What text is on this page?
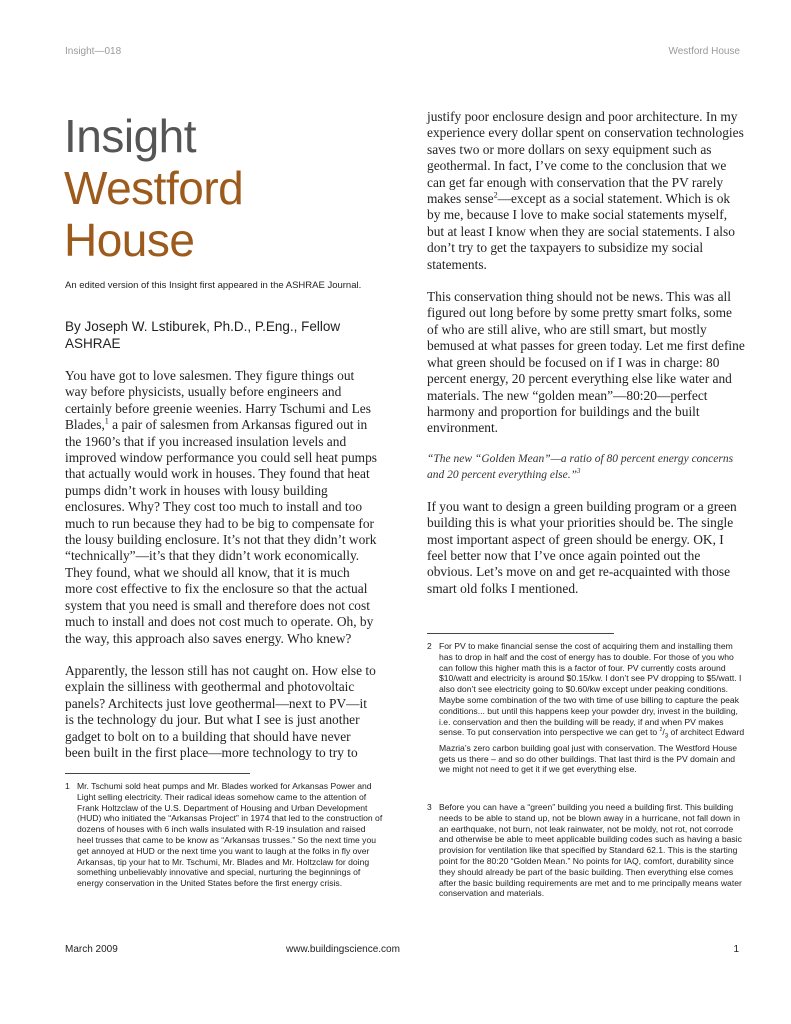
Insight—018	Westford House
Insight
Westford
House
An edited version of this Insight first appeared in the ASHRAE Journal.
By Joseph W. Lstiburek, Ph.D., P.Eng., Fellow ASHRAE

You have got to love salesmen. They figure things out way before physicists, usually before engineers and certainly before greenie weenies. Harry Tschumi and Les Blades,$^1$ a pair of salesmen from Arkansas figured out in the 1960’s that if you increased insulation levels and improved window performance you could sell heat pumps that actually would work in houses. They found that heat pumps didn’t work in houses with lousy building enclosures. Why? They cost too much to install and too much to run because they had to be big to compensate for the lousy building enclosure. It’s not that they didn’t work “technically”—it’s that they didn’t work economically. They found, what we should all know, that it is much more cost effective to fix the enclosure so that the actual system that you need is small and therefore does not cost much to install and does not cost much to operate. Oh, by the way, this approach also saves energy. Who knew?

Apparently, the lesson still has not caught on. How else to explain the silliness with geothermal and photovoltaic panels? Architects just love geothermal—next to PV—it is the technology du jour. But what I see is just another gadget to bolt on to a building that should have never been built in the first place—more technology to try to

1 Mr. Tschumi sold heat pumps and Mr. Blades worked for Arkansas Power and Light selling electricity. Their radical ideas somehow came to the attention of Frank Holtzclaw of the U.S. Department of Housing and Urban Development (HUD) who initiated the “Arkansas Project” in 1974 that led to the construction of dozens of houses with 6 inch walls insulated with R-19 insulation and raised heel trusses that came to be know as “Arkansas trusses.” So the next time you get annoyed at HUD or the next time you want to laugh at the folks in fly over Arkansas, tip your hat to Mr. Tschumi, Mr. Blades and Mr. Holtzclaw for doing something unbelievably innovative and special, nurturing the beginnings of energy conservation in the United States before the first energy crisis.

justify poor enclosure design and poor architecture. In my experience every dollar spent on conservation technologies saves two or more dollars on sexy equipment such as geothermal. In fact, I’ve come to the conclusion that we can get far enough with conservation that the PV rarely makes sense$^2$—except as a social statement. Which is ok by me, because I love to make social statements myself, but at least I know when they are social statements. I also don’t try to get the taxpayers to subsidize my social statements.

This conservation thing should not be news. This was all figured out long before by some pretty smart folks, some of who are still alive, who are still smart, but mostly bemused at what passes for green today. Let me first define what green should be focused on if I was in charge: 80 percent energy, 20 percent everything else like water and materials. The new “golden mean”—80:20—perfect harmony and proportion for buildings and the built environment.

“The new “Golden Mean”—a ratio of 80 percent energy concerns and 20 percent everything else.”$^3$

If you want to design a green building program or a green building this is what your priorities should be. The single most important aspect of green should be energy. OK, I feel better now that I’ve once again pointed out the obvious. Let’s move on and get re-acquainted with those smart old folks I mentioned.

2 For PV to make financial sense the cost of acquiring them and installing them has to drop in half and the cost of energy has to double. For those of you who can follow this higher math this is a factor of four. PV currently costs around $10/watt and electricity is around $0.15/kw. I don’t see PV dropping to $5/watt. I also don’t see electricity going to $0.60/kw except under peaking conditions. Maybe some combination of the two with time of use billing to capture the peak conditions... but until this happens keep your powder dry, invest in the building, i.e. conservation and then the building will be ready, if and when PV makes sense. To put conservation into perspective we can get to $^2/_3$ of architect Edward Mazria’s zero carbon building goal just with conservation. The Westford House gets us there – and so do other buildings. That last third is the PV domain and we might not need to get it if we get everything else.
3 Before you can have a “green” building you need a building first. This building needs to be able to stand up, not be blown away in a hurricane, not fall down in an earthquake, not burn, not leak rainwater, not be moldy, not rot, not corrode and otherwise be able to meet applicable building codes such as having a basic provision for ventilation like that specified by Standard 62.1. This is the starting point for the 80:20 “Golden Mean.” No points for IAQ, comfort, durability since they should already be part of the basic building. Then everything else comes after the basic building requirements are met and to me principally means water conservation and materials.
March 2009	www.buildingscience.com	1
